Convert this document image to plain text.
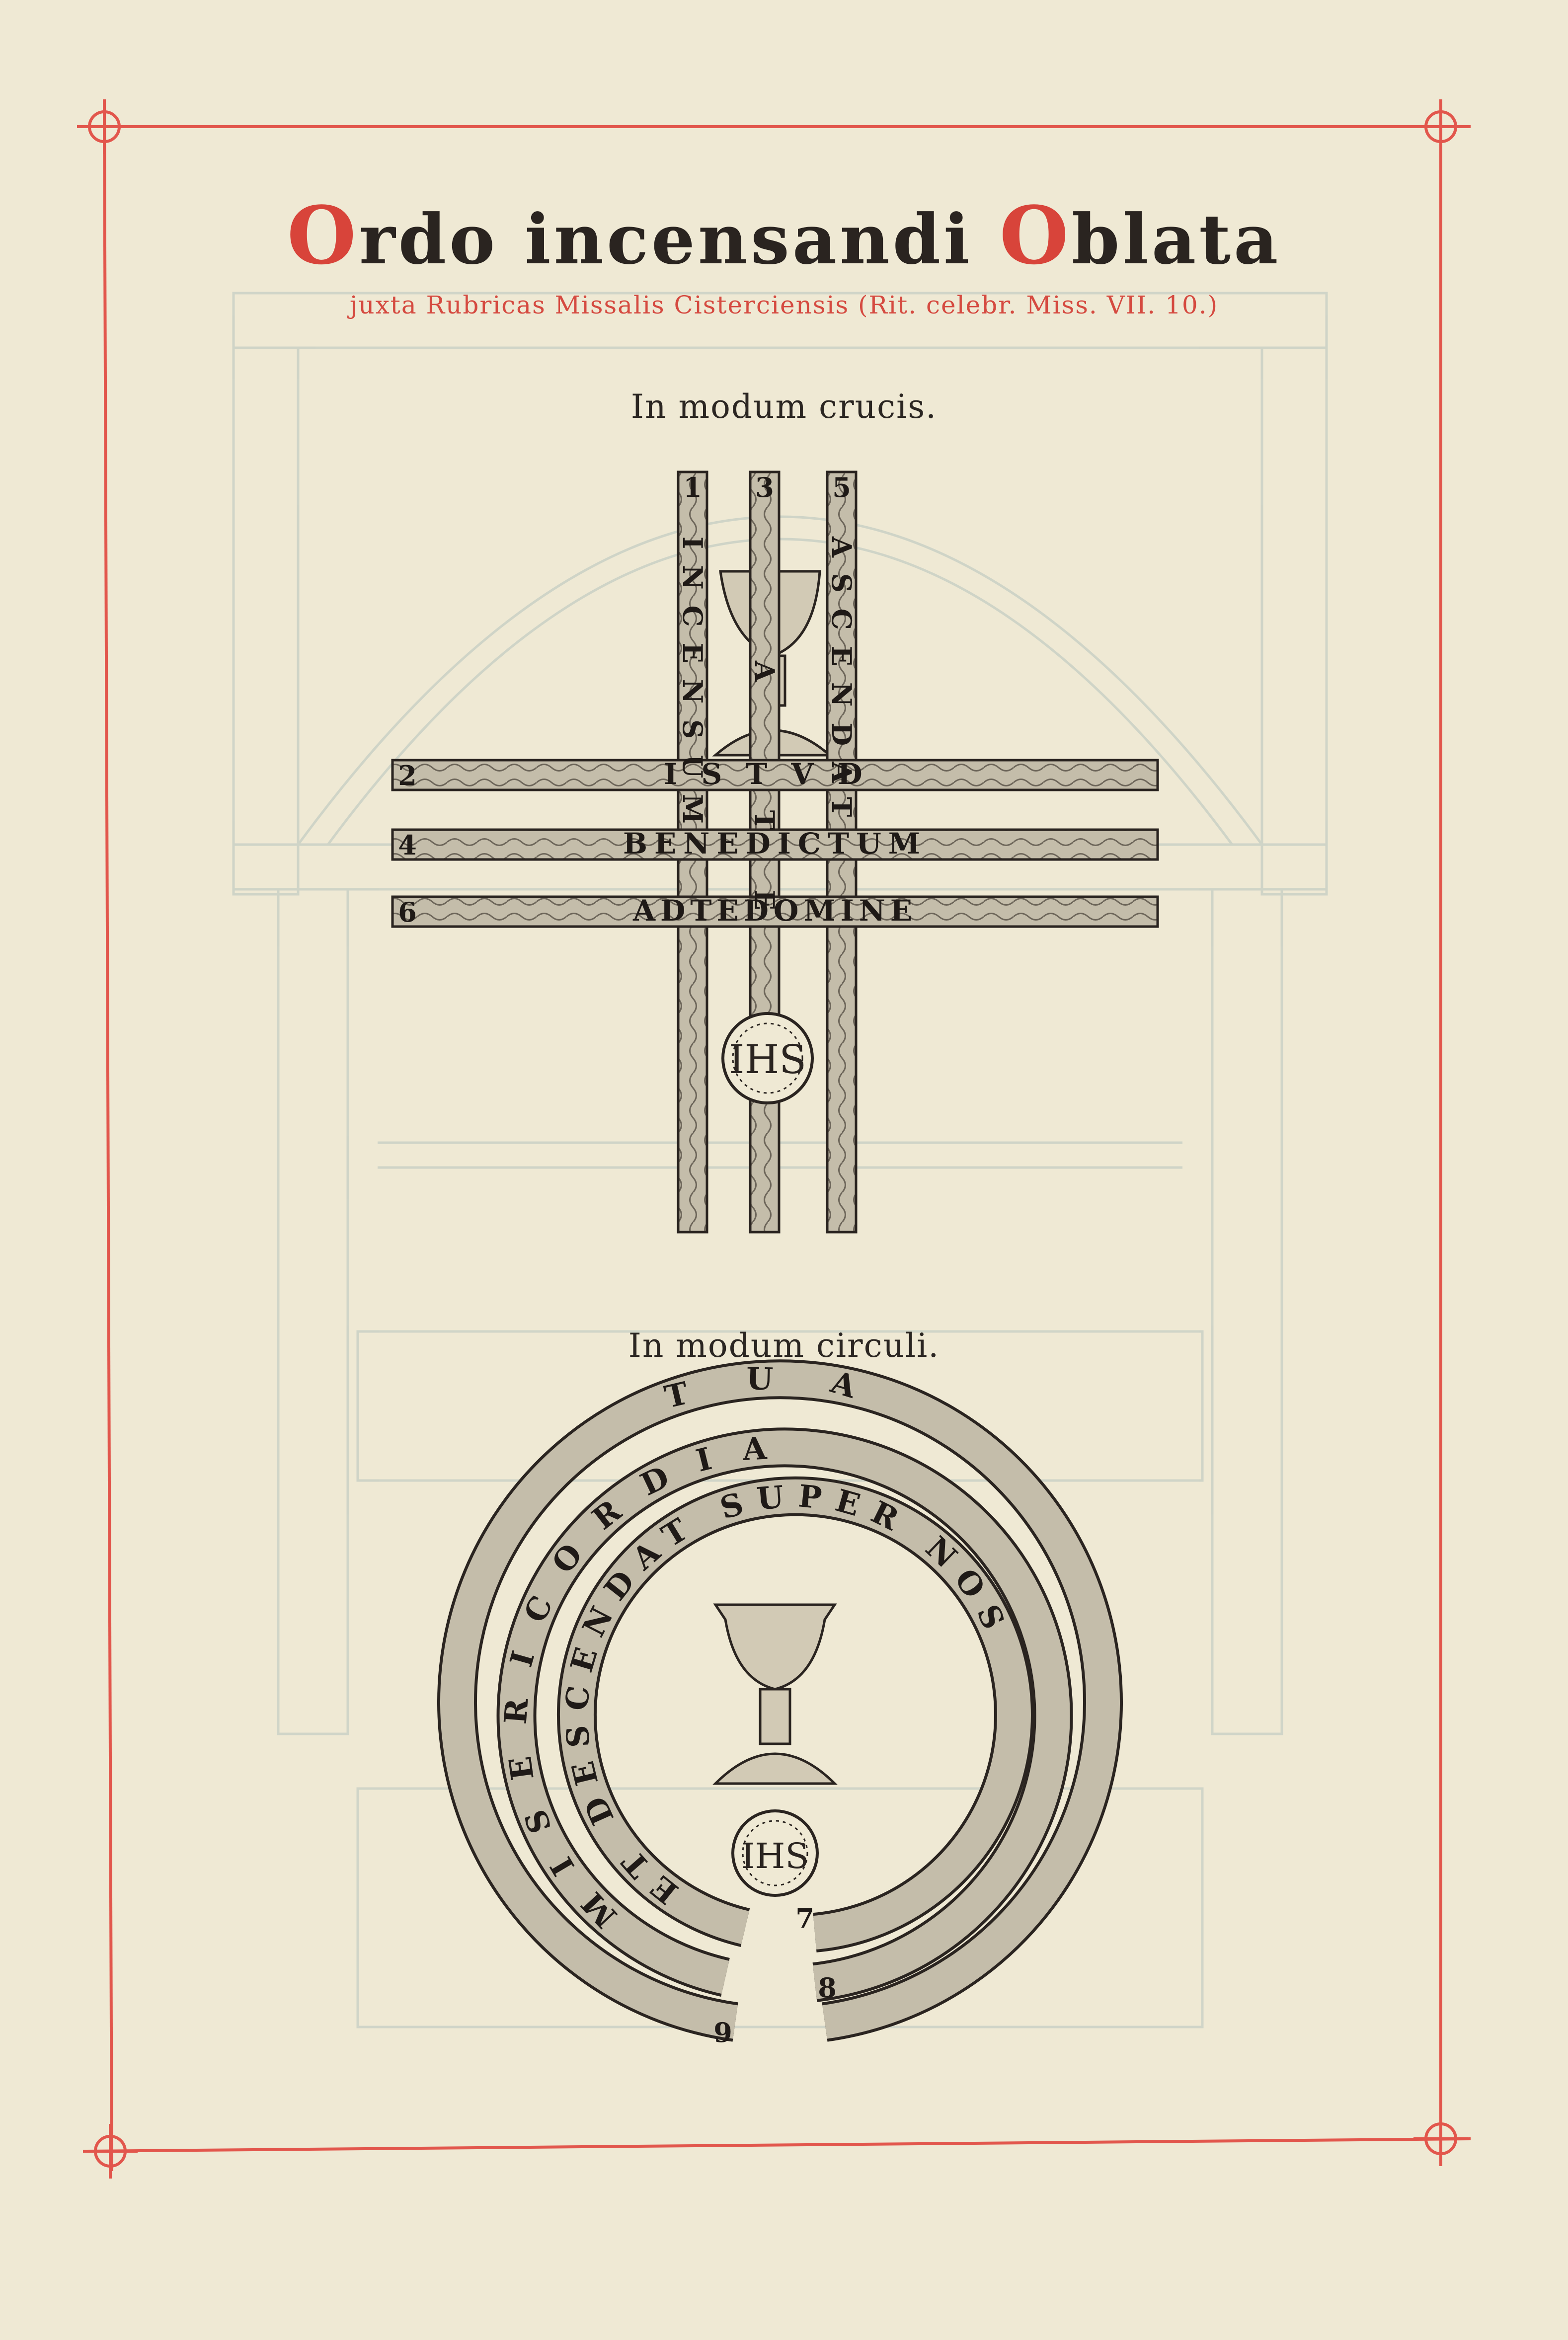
Ordo incensandi Oblata
juxta Rubricas Missalis Cisterciensis (Rit. celebr. Miss. VII. 10.)
In modum crucis.
In modum circuli.
IHS
ISTVD
BENEDICTUM
ADTEDOMINE
INCENSUM A TE ASCENDAT
1 3 5
2
4
6
TUA
MISERICORDIA
ET DESCENDAT SUPER NOS
7
8
9
IHS
